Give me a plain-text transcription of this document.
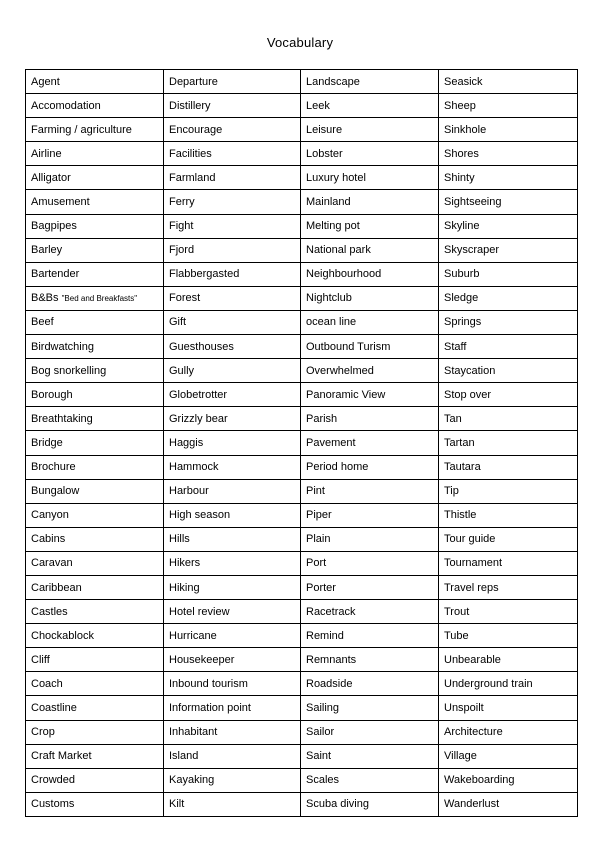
Vocabulary
Agent	Departure	Landscape	Seasick
Accomodation	Distillery	Leek	Sheep
Farming / agriculture	Encourage	Leisure	Sinkhole
Airline	Facilities	Lobster	Shores
Alligator	Farmland	Luxury hotel	Shinty
Amusement	Ferry	Mainland	Sightseeing
Bagpipes	Fight	Melting pot	Skyline
Barley	Fjord	National park	Skyscraper
Bartender	Flabbergasted	Neighbourhood	Suburb
B&Bs "Bed and Breakfasts"	Forest	Nightclub	Sledge
Beef	Gift	ocean line	Springs
Birdwatching	Guesthouses	Outbound Turism	Staff
Bog snorkelling	Gully	Overwhelmed	Staycation
Borough	Globetrotter	Panoramic View	Stop over
Breathtaking	Grizzly bear	Parish	Tan
Bridge	Haggis	Pavement	Tartan
Brochure	Hammock	Period home	Tautara
Bungalow	Harbour	Pint	Tip
Canyon	High season	Piper	Thistle
Cabins	Hills	Plain	Tour guide
Caravan	Hikers	Port	Tournament
Caribbean	Hiking	Porter	Travel reps
Castles	Hotel review	Racetrack	Trout
Chockablock	Hurricane	Remind	Tube
Cliff	Housekeeper	Remnants	Unbearable
Coach	Inbound tourism	Roadside	Underground train
Coastline	Information point	Sailing	Unspoilt
Crop	Inhabitant	Sailor	Architecture
Craft Market	Island	Saint	Village
Crowded	Kayaking	Scales	Wakeboarding
Customs	Kilt	Scuba diving	Wanderlust
